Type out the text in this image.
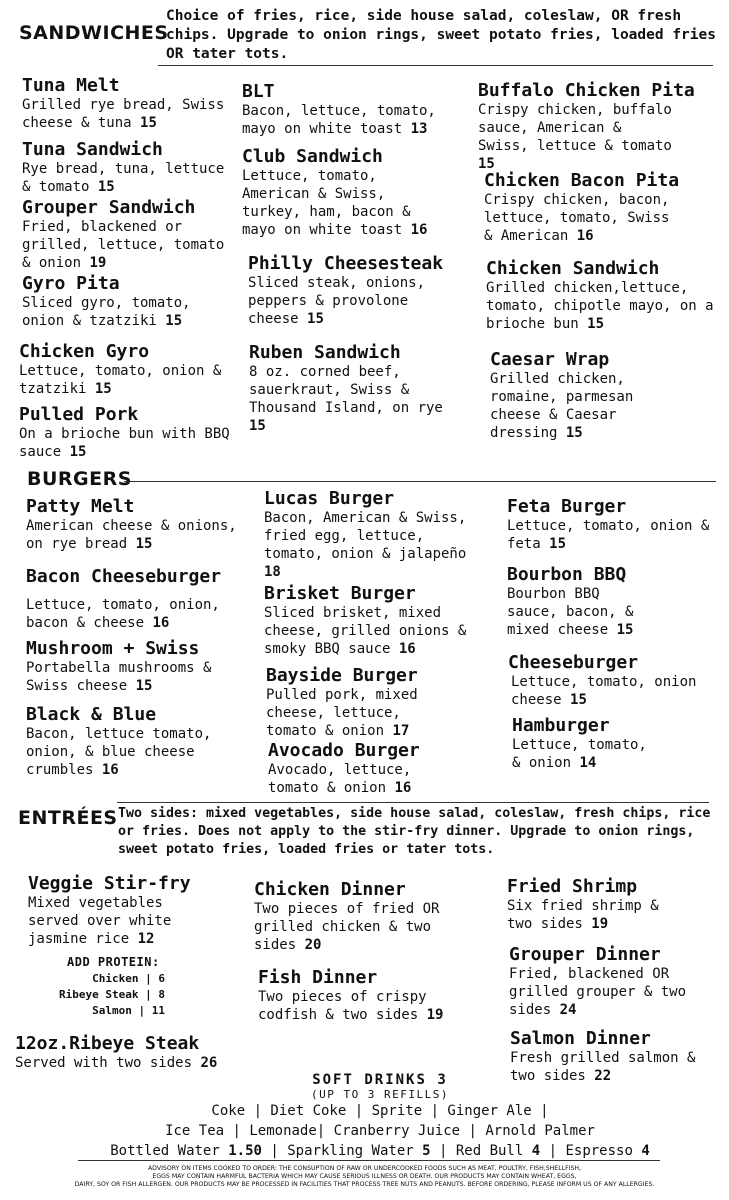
SANDWICHES
Choice of fries, rice, side house salad, coleslaw, OR fresh chips. Upgrade to onion rings, sweet potato fries, loaded fries OR tater tots.
Tuna Melt
Grilled rye bread, Swiss cheese & tuna 15
Tuna Sandwich
Rye bread, tuna, lettuce & tomato 15
Grouper Sandwich
Fried, blackened or grilled, lettuce, tomato & onion 19
Gyro Pita
Sliced gyro, tomato, onion & tzatziki 15
Chicken Gyro
Lettuce, tomato, onion & tzatziki 15
Pulled Pork
On a brioche bun with BBQ sauce 15
BLT
Bacon, lettuce, tomato, mayo on white toast 13
Club Sandwich
Lettuce, tomato, American & Swiss, turkey, ham, bacon & mayo on white toast 16
Philly Cheesesteak
Sliced steak, onions, peppers & provolone cheese 15
Ruben Sandwich
8 oz. corned beef, sauerkraut, Swiss & Thousand Island, on rye 15
Buffalo Chicken Pita
Crispy chicken, buffalo sauce, American & Swiss, lettuce & tomato 15
Chicken Bacon Pita
Crispy chicken, bacon, lettuce, tomato, Swiss & American 16
Chicken Sandwich
Grilled chicken,lettuce, tomato, chipotle mayo, on a brioche bun 15
Caesar Wrap
Grilled chicken, romaine, parmesan cheese & Caesar dressing 15
BURGERS
Patty Melt
American cheese & onions, on rye bread 15
Bacon Cheeseburger
Lettuce, tomato, onion, bacon & cheese 16
Mushroom + Swiss
Portabella mushrooms & Swiss cheese 15
Black & Blue
Bacon, lettuce tomato, onion, & blue cheese crumbles 16
Lucas Burger
Bacon, American & Swiss, fried egg, lettuce, tomato, onion & jalapeño 18
Brisket Burger
Sliced brisket, mixed cheese, grilled onions & smoky BBQ sauce 16
Bayside Burger
Pulled pork, mixed cheese, lettuce, tomato & onion 17
Avocado Burger
Avocado, lettuce, tomato & onion 16
Feta Burger
Lettuce, tomato, onion & feta 15
Bourbon BBQ
Bourbon BBQ sauce, bacon, & mixed cheese 15
Cheeseburger
Lettuce, tomato, onion cheese 15
Hamburger
Lettuce, tomato, & onion 14
ENTRÉES Two sides: mixed vegetables, side house salad, coleslaw, fresh chips, rice or fries. Does not apply to the stir-fry dinner. Upgrade to onion rings, sweet potato fries, loaded fries or tater tots.
Veggie Stir-fry
Mixed vegetables served over white jasmine rice 12
ADD PROTEIN:
Chicken | 6
Ribeye Steak | 8
Salmon | 11
12oz.Ribeye Steak
Served with two sides 26
Chicken Dinner
Two pieces of fried OR grilled chicken & two sides 20
Fish Dinner
Two pieces of crispy codfish & two sides 19
Fried Shrimp
Six fried shrimp & two sides 19
Grouper Dinner
Fried, blackened OR grilled grouper & two sides 24
Salmon Dinner
Fresh grilled salmon & two sides 22
SOFT DRINKS 3
(UP TO 3 REFILLS)
Coke | Diet Coke | Sprite | Ginger Ale |
Ice Tea | Lemonade| Cranberry Juice | Arnold Palmer
Bottled Water 1.50 | Sparkling Water 5 | Red Bull 4 | Espresso 4
ADVISORY ON ITEMS COOKED TO ORDER: THE CONSUPTION OF RAW OR UNDERCOOKED FOODS SUCH AS MEAT, POULTRY, FISH,SHELLFISH,
EGGS MAY CONTAIN HARMFUL BACTERIA WHICH MAY CAUSE SERIOUS ILLNESS OR DEATH. OUR PRODUCTS MAY CONTAIN WHEAT, EGGS,
DAIRY, SOY OR FISH ALLERGEN. OUR PRODUCTS MAY BE PROCESSED IN FACILITIES THAT PROCESS TREE NUTS AND PEANUTS. BEFORE ORDERING, PLEASE INFORM US OF ANY ALLERGIES.
